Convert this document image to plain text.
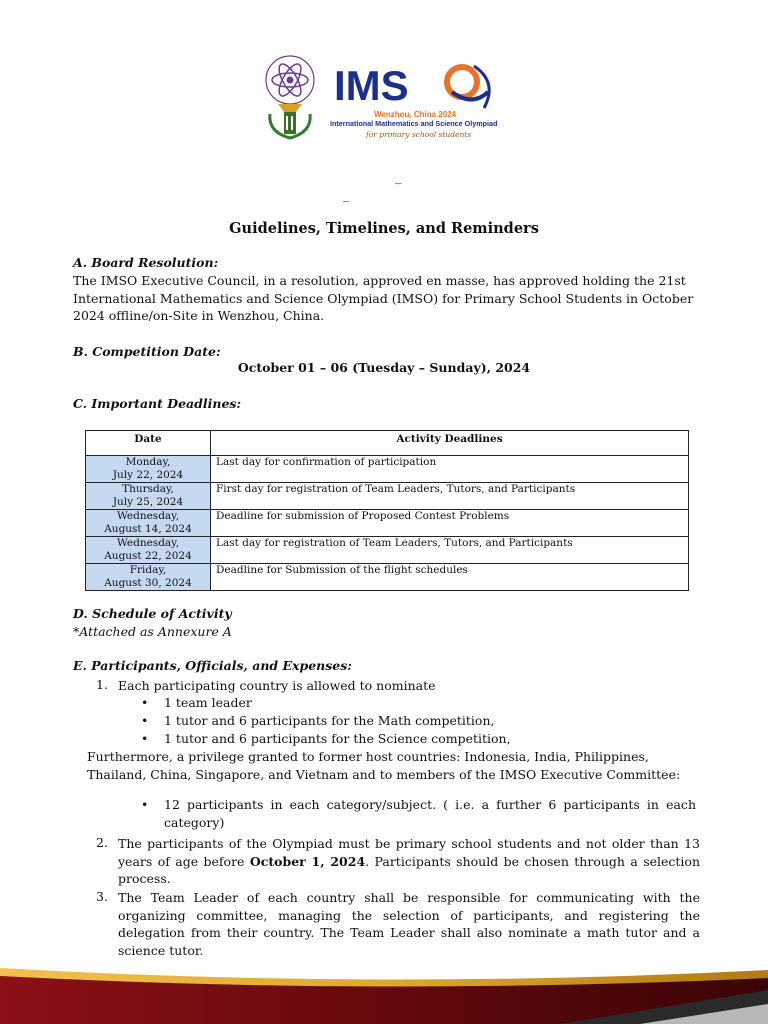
IMS
Wenzhou, China 2024
International Mathematics and Science Olympiad
for primary school students
_
_
Guidelines, Timelines, and Reminders
A. Board Resolution:
The IMSO Executive Council, in a resolution, approved en masse, has approved holding the 21st
International Mathematics and Science Olympiad (IMSO) for Primary School Students in October
2024 offline/on-Site in Wenzhou, China.
B. Competition Date:
October 01 – 06 (Tuesday – Sunday), 2024
C. Important Deadlines:
Date	Activity Deadlines

Monday,
July 22, 2024	Last day for confirmation of participation

Thursday,
July 25, 2024	First day for registration of Team Leaders, Tutors, and Participants

Wednesday,
August 14, 2024	Deadline for submission of Proposed Contest Problems

Wednesday,
August 22, 2024	Last day for registration of Team Leaders, Tutors, and Participants

Friday,
August 30, 2024	Deadline for Submission of the flight schedules
D. Schedule of Activity
*Attached as Annexure A
E. Participants, Officials, and Expenses:
1. Each participating country is allowed to nominate
• 1 team leader
• 1 tutor and 6 participants for the Math competition,
• 1 tutor and 6 participants for the Science competition,
Furthermore, a privilege granted to former host countries: Indonesia, India, Philippines,
Thailand, China, Singapore, and Vietnam and to members of the IMSO Executive Committee:
• 12 participants in each category/subject. ( i.e. a further 6 participants in each
category)
2. The participants of the Olympiad must be primary school students and not older than 13
years of age before October 1, 2024. Participants should be chosen through a selection
process.
3. The Team Leader of each country shall be responsible for communicating with the
organizing committee, managing the selection of participants, and registering the
delegation from their country. The Team Leader shall also nominate a math tutor and a
science tutor.
